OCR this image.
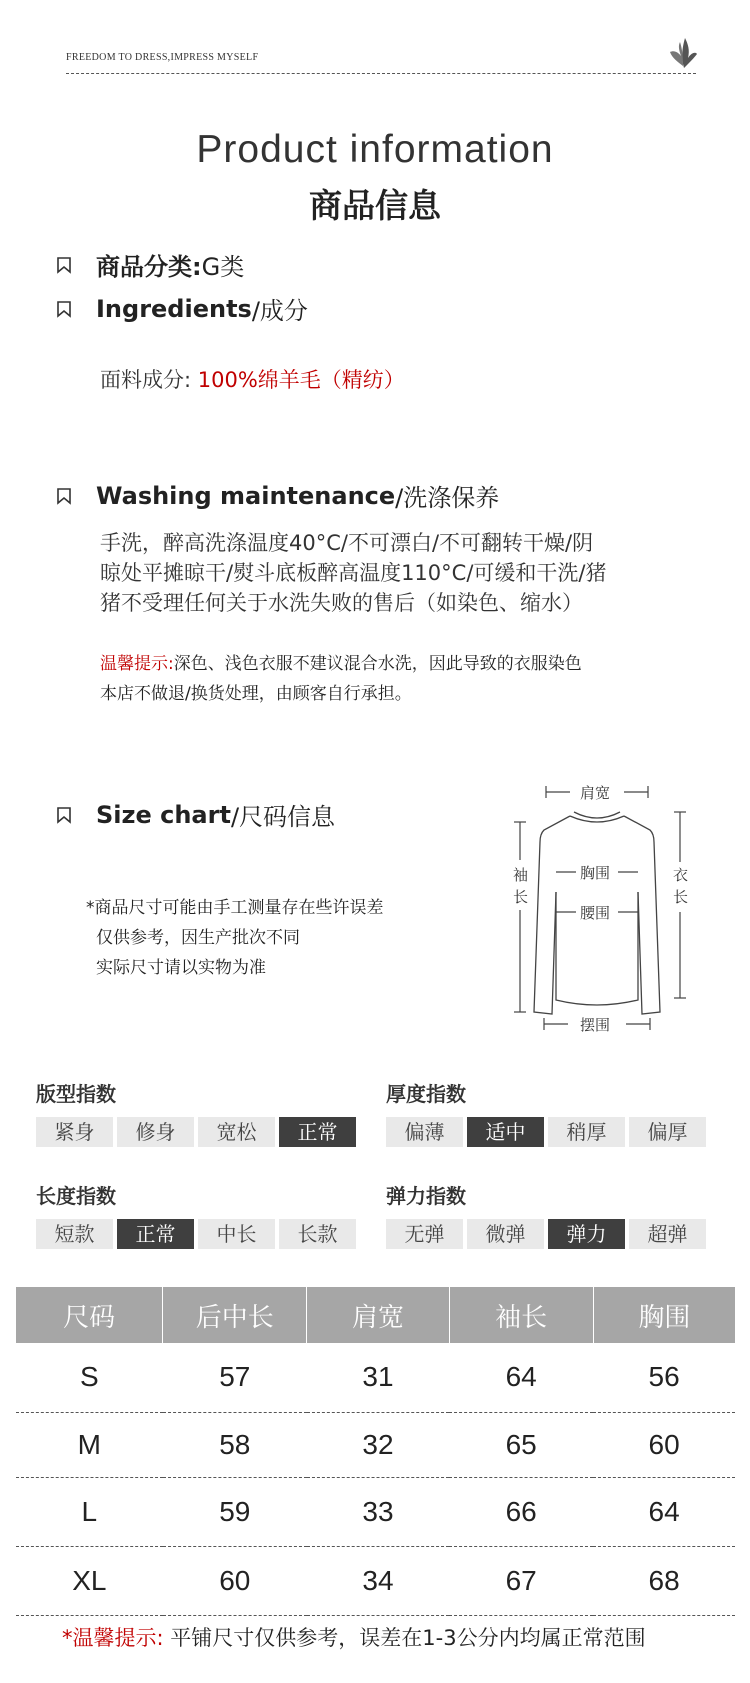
FREEDOM TO DRESS,IMPRESS MYSELF
Product information
商品信息
商品分类: G类
Ingredients /成分
面料成分: 100%绵羊毛（精纺）
Washing maintenance /洗涤保养
手洗，醉高洗涤温度40°C/不可漂白/不可翻转干燥/阴
晾处平摊晾干/熨斗底板醉高温度110°C/可缓和干洗/猪
猪不受理任何关于水洗失败的售后（如染色、缩水）
温馨提示:深色、浅色衣服不建议混合水洗，因此导致的衣服染色
本店不做退/换货处理，由顾客自行承担。
Size chart /尺码信息
*商品尺寸可能由手工测量存在些许误差
仅供参考，因生产批次不同
实际尺寸请以实物为准
肩宽
胸围
腰围
摆围
袖
长
衣
长
版型指数
紧身	修身	宽松	正常
厚度指数
偏薄	适中	稍厚	偏厚
长度指数
短款	正常	中长	长款
弹力指数
无弹	微弹	弹力	超弹
尺码	后中长	肩宽	袖长	胸围
S	57	31	64	56
M	58	32	65	60
L	59	33	66	64
XL	60	34	67	68
*温馨提示: 平铺尺寸仅供参考，误差在1-3公分内均属正常范围
